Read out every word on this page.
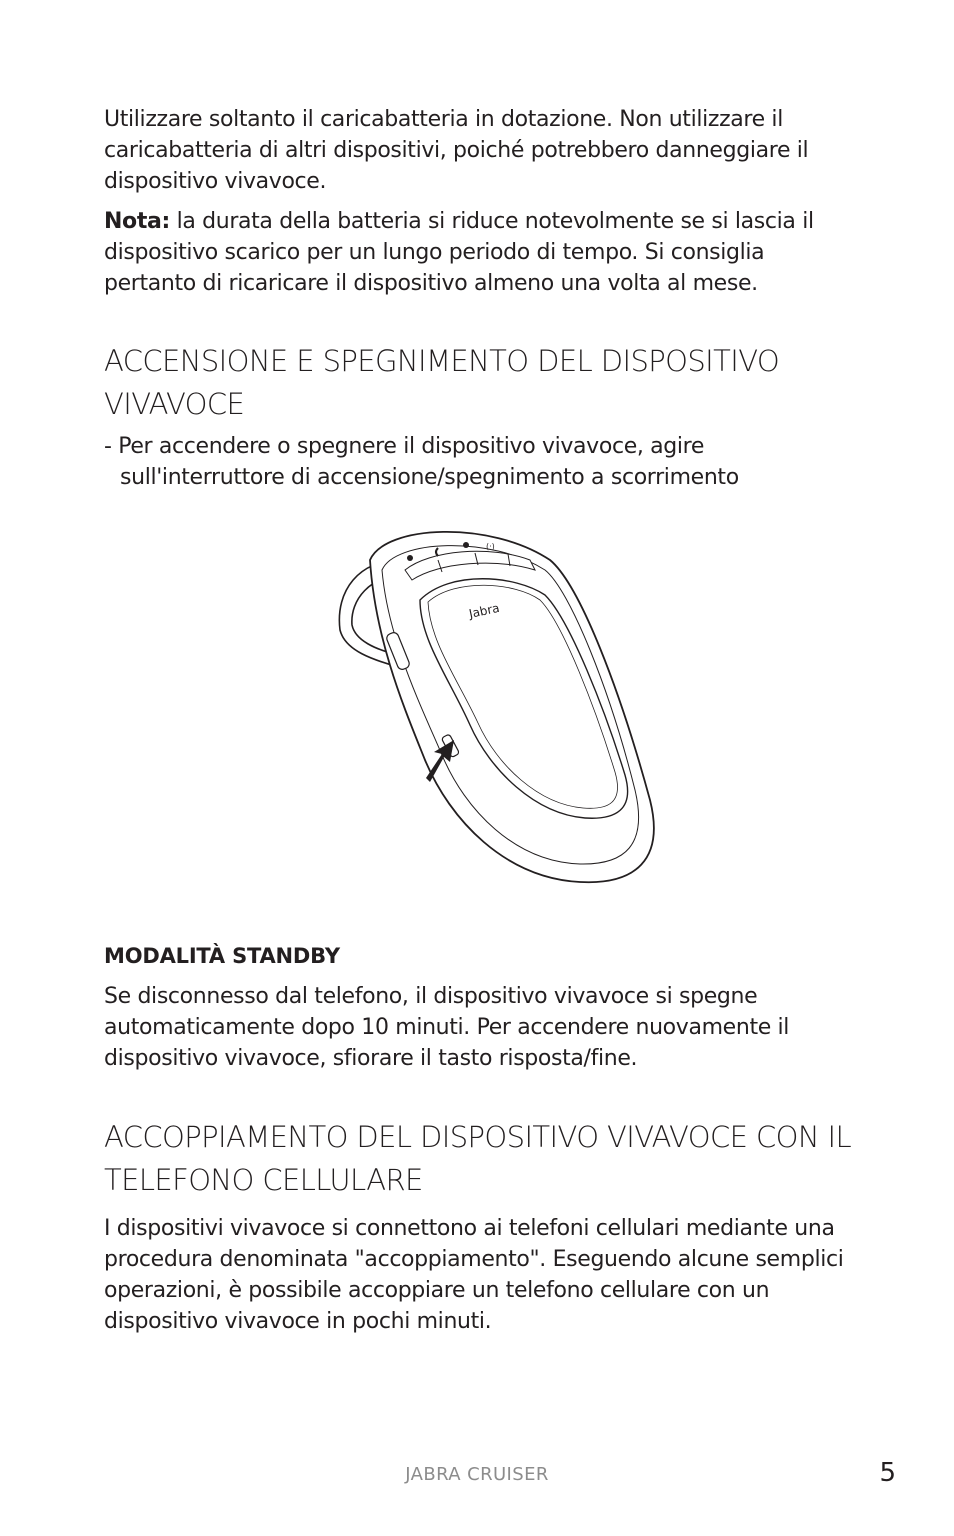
Utilizzare soltanto il caricabatteria in dotazione. Non utilizzare il caricabatteria di altri dispositivi, poiché potrebbero danneggiare il dispositivo vivavoce.

Nota: la durata della batteria si riduce notevolmente se si lascia il dispositivo scarico per un lungo periodo di tempo. Si consiglia pertanto di ricaricare il dispositivo almeno una volta al mese.

ACCENSIONE E SPEGNIMENTO DEL DISPOSITIVO VIVAVOCE
- Per accendere o spegnere il dispositivo vivavoce, agire sull'interruttore di accensione/spegnimento a scorrimento
(·)
Jabra
MODALITÀ STANDBY

Se disconnesso dal telefono, il dispositivo vivavoce si spegne automaticamente dopo 10 minuti. Per accendere nuovamente il dispositivo vivavoce, sfiorare il tasto risposta/fine.

ACCOPPIAMENTO DEL DISPOSITIVO VIVAVOCE CON IL TELEFONO CELLULARE

I dispositivi vivavoce si connettono ai telefoni cellulari mediante una procedura denominata "accoppiamento". Eseguendo alcune semplici operazioni, è possibile accoppiare un telefono cellulare con un dispositivo vivavoce in pochi minuti.

JABRA CRUISER	5
